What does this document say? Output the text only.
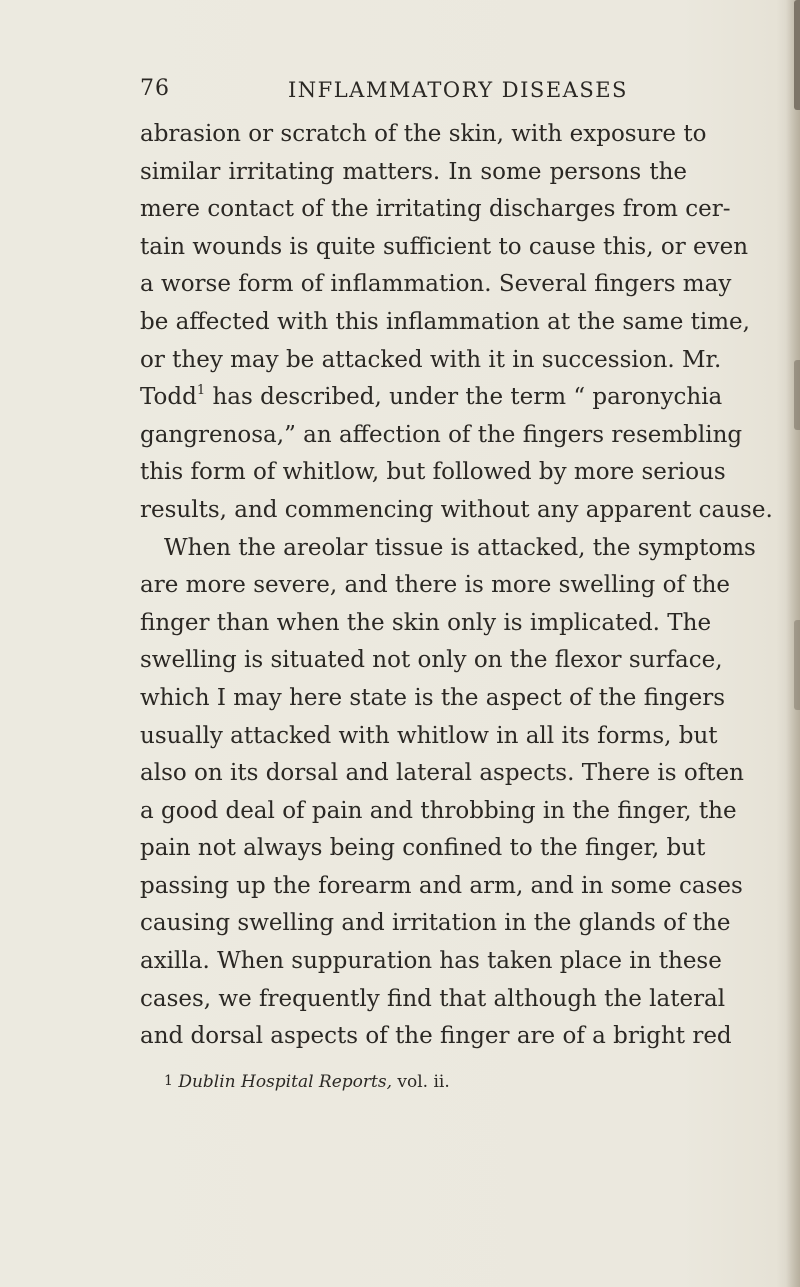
76	INFLAMMATORY DISEASES
abrasion or scratch of the skin, with exposure to
similar irritating matters. In some persons the
mere contact of the irritating discharges from cer-
tain wounds is quite sufficient to cause this, or even
a worse form of inflammation. Several fingers may
be affected with this inflammation at the same time,
or they may be attacked with it in succession. Mr.
Todd$^1$ has described, under the term “ paronychia
gangrenosa,” an affection of the fingers resembling
this form of whitlow, but followed by more serious
results, and commencing without any apparent cause.
When the areolar tissue is attacked, the symptoms
are more severe, and there is more swelling of the
finger than when the skin only is implicated. The
swelling is situated not only on the flexor surface,
which I may here state is the aspect of the fingers
usually attacked with whitlow in all its forms, but
also on its dorsal and lateral aspects. There is often
a good deal of pain and throbbing in the finger, the
pain not always being confined to the finger, but
passing up the forearm and arm, and in some cases
causing swelling and irritation in the glands of the
axilla. When suppuration has taken place in these
cases, we frequently find that although the lateral
and dorsal aspects of the finger are of a bright red
1 Dublin Hospital Reports, vol. ii.
